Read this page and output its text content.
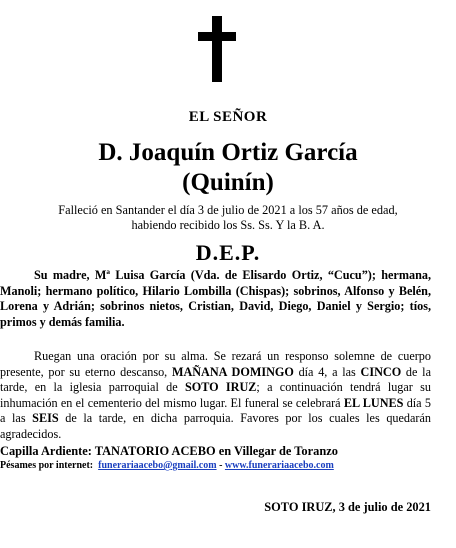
EL SEÑOR
D. Joaquín Ortiz García
(Quinín)
Falleció en Santander el día 3 de julio de 2021 a los 57 años de edad,
habiendo recibido los Ss. Ss. Y la B. A.
D.E.P.
Su madre, Mª Luisa García (Vda. de Elisardo Ortiz, “Cucu”); hermana, Manoli; hermano político, Hilario Lombilla (Chispas); sobrinos, Alfonso y Belén, Lorena y Adrián; sobrinos nietos, Cristian, David, Diego, Daniel y Sergio; tíos, primos y demás familia.
Ruegan una oración por su alma. Se rezará un responso solemne de cuerpo presente, por su eterno descanso, MAÑANA DOMINGO día 4, a las CINCO de la tarde, en la iglesia parroquial de SOTO IRUZ; a continuación tendrá lugar su inhumación en el cementerio del mismo lugar. El funeral se celebrará EL LUNES día 5 a las SEIS de la tarde, en dicha parroquia. Favores por los cuales les quedarán agradecidos.
Capilla Ardiente: TANATORIO ACEBO en Villegar de Toranzo
Pésames por internet: funerariaacebo@gmail.com - www.funerariaacebo.com
SOTO IRUZ, 3 de julio de 2021
